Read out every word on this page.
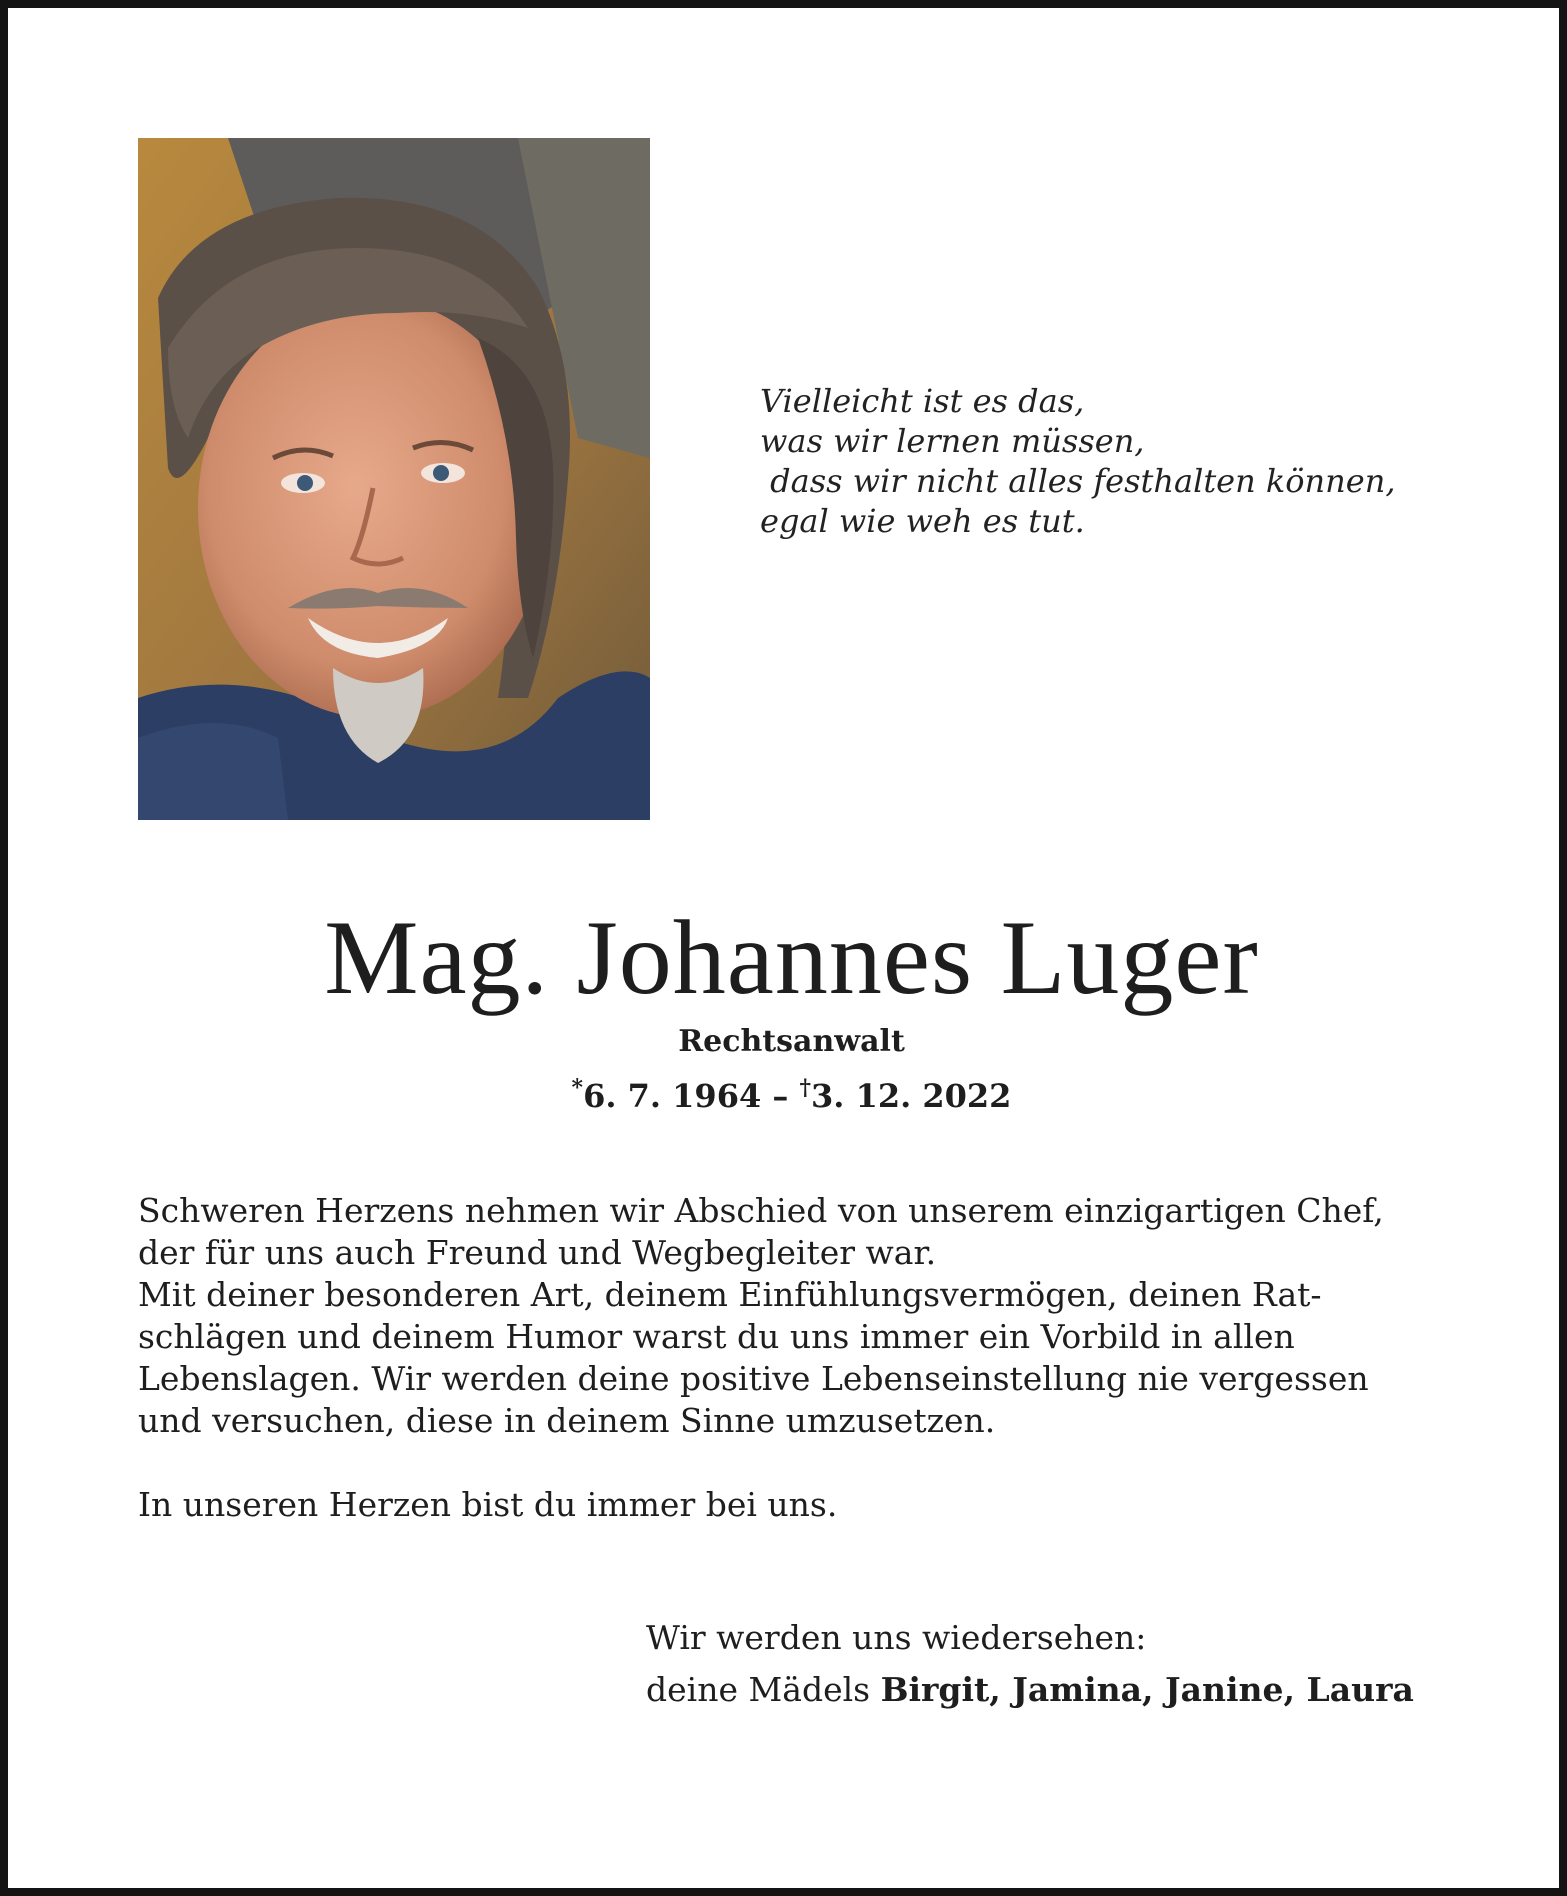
Vielleicht ist es das,
was wir lernen müssen,
dass wir nicht alles festhalten können,
egal wie weh es tut.
Mag. Johannes Luger
Rechtsanwalt
*6. 7. 1964 – †3. 12. 2022
Schweren Herzens nehmen wir Abschied von unserem einzigartigen Chef,
der für uns auch Freund und Wegbegleiter war.
Mit deiner besonderen Art, deinem Einfühlungsvermögen, deinen Rat-
schlägen und deinem Humor warst du uns immer ein Vorbild in allen
Lebenslagen. Wir werden deine positive Lebenseinstellung nie vergessen
und versuchen, diese in deinem Sinne umzusetzen.
In unseren Herzen bist du immer bei uns.
Wir werden uns wiedersehen:
deine Mädels Birgit, Jamina, Janine, Laura
